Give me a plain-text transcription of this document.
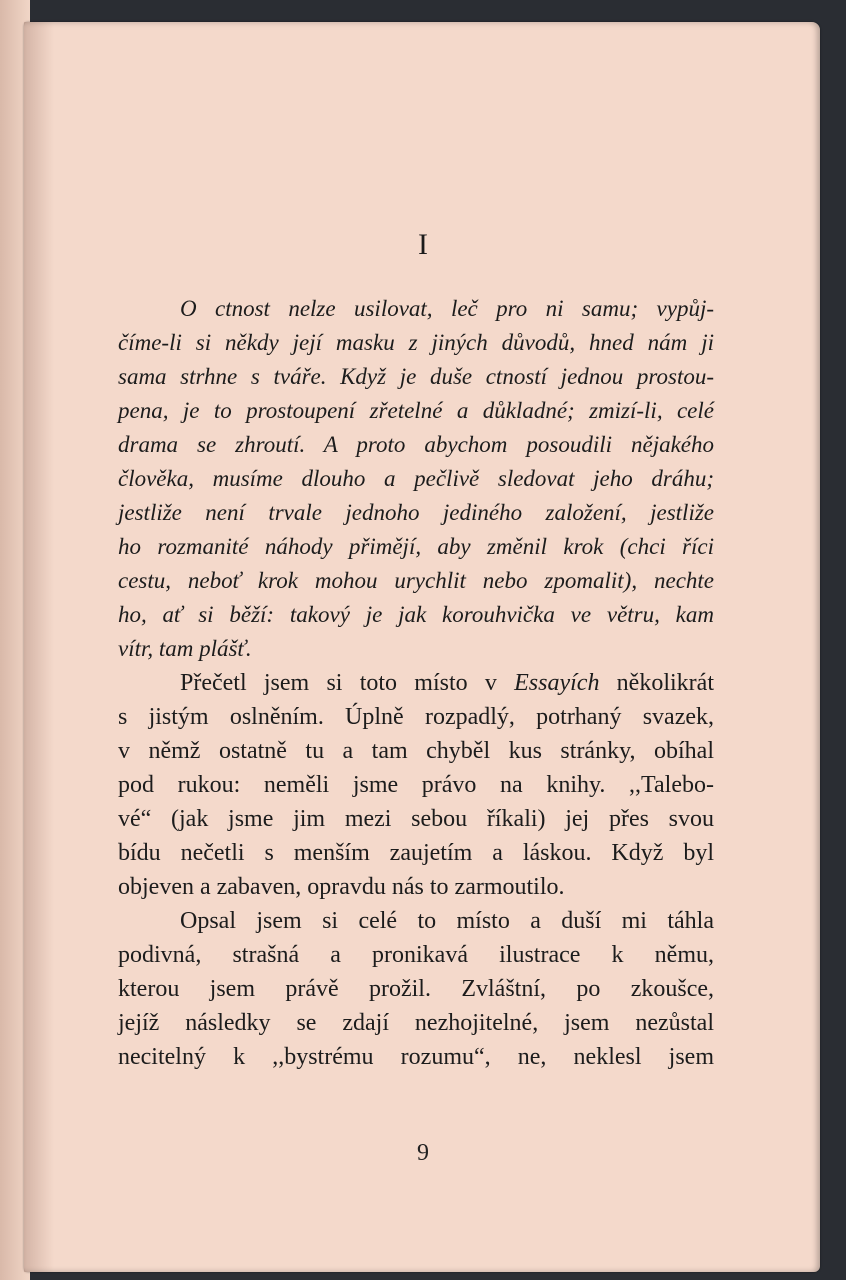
I
O ctnost nelze usilovat, leč pro ni samu; vypůj-
číme-li si někdy její masku z jiných důvodů, hned nám ji
sama strhne s tváře. Když je duše ctností jednou prostou-
pena, je to prostoupení zřetelné a důkladné; zmizí-li, celé
drama se zhroutí. A proto abychom posoudili nějakého
člověka, musíme dlouho a pečlivě sledovat jeho dráhu;
jestliže není trvale jednoho jediného založení, jestliže
ho rozmanité náhody přimějí, aby změnil krok (chci říci
cestu, neboť krok mohou urychlit nebo zpomalit), nechte
ho, ať si běží: takový je jak korouhvička ve větru, kam
vítr, tam plášť.
Přečetl jsem si toto místo v Essayích několikrát
s jistým oslněním. Úplně rozpadlý, potrhaný svazek,
v němž ostatně tu a tam chyběl kus stránky, obíhal
pod rukou: neměli jsme právo na knihy. ,,Talebo-
vé“ (jak jsme jim mezi sebou říkali) jej přes svou
bídu nečetli s menším zaujetím a láskou. Když byl
objeven a zabaven, opravdu nás to zarmoutilo.
Opsal jsem si celé to místo a duší mi táhla
podivná, strašná a pronikavá ilustrace k němu,
kterou jsem právě prožil. Zvláštní, po zkoušce,
jejíž následky se zdají nezhojitelné, jsem nezůstal
necitelný k ,,bystrému rozumu“, ne, neklesl jsem
9
